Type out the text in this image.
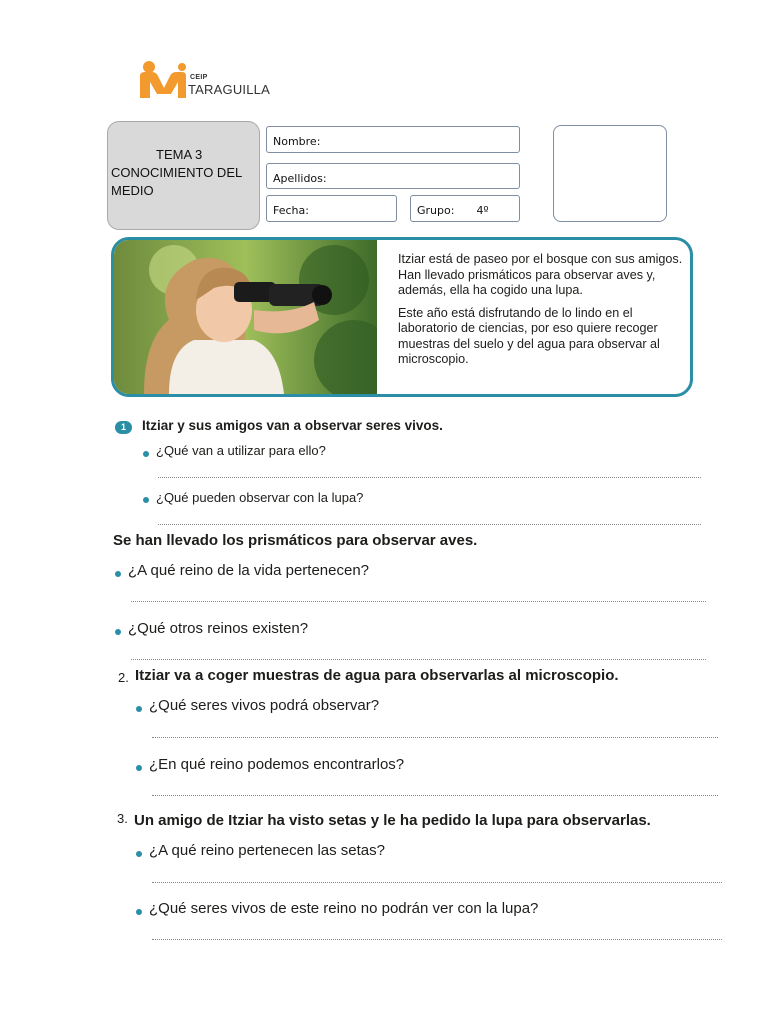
CEIP
TARAGUILLA
TEMA 3
CONOCIMIENTO DEL
MEDIO
Nombre:
Apellidos:
Fecha:	Grupo: 4º

Itziar está de paseo por el bosque con sus amigos. Han llevado prismáticos para observar aves y, además, ella ha cogido una lupa.

Este año está disfrutando de lo lindo en el laboratorio de ciencias, por eso quiere recoger muestras del suelo y del agua para observar al microscopio.

1	Itziar y sus amigos van a observar seres vivos.
¿Qué van a utilizar para ello?
¿Qué pueden observar con la lupa?
Se han llevado los prismáticos para observar aves.
¿A qué reino de la vida pertenecen?
¿Qué otros reinos existen?
2. Itziar va a coger muestras de agua para observarlas al microscopio.
¿Qué seres vivos podrá observar?
¿En qué reino podemos encontrarlos?
3. Un amigo de Itziar ha visto setas y le ha pedido la lupa para observarlas.
¿A qué reino pertenecen las setas?
¿Qué seres vivos de este reino no podrán ver con la lupa?
